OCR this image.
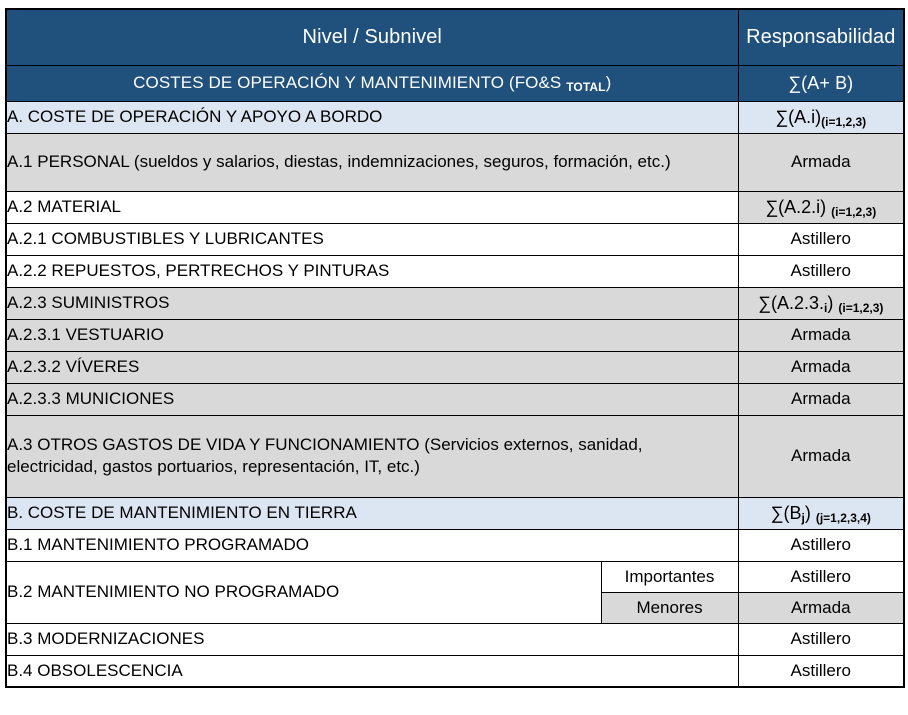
Nivel / Subnivel		Responsabilidad
COSTES DE OPERACIÓN Y MANTENIMIENTO (FO&S TOTAL)		∑(A+ B)
A. COSTE DE OPERACIÓN Y APOYO A BORDO		∑(A.i)(i=1,2,3)
A.1 PERSONAL (sueldos y salarios, diestas, indemnizaciones, seguros, formación, etc.)		Armada
A.2 MATERIAL		∑(A.2.i) (i=1,2,3)
A.2.1 COMBUSTIBLES Y LUBRICANTES		Astillero
A.2.2 REPUESTOS, PERTRECHOS Y PINTURAS		Astillero
A.2.3 SUMINISTROS		∑(A.2.3.i) (i=1,2,3)
A.2.3.1 VESTUARIO		Armada
A.2.3.2 VÍVERES		Armada
A.2.3.3 MUNICIONES		Armada
A.3 OTROS GASTOS DE VIDA Y FUNCIONAMIENTO (Servicios externos, sanidad, electricidad, gastos portuarios, representación, IT, etc.)		Armada
B. COSTE DE MANTENIMIENTO EN TIERRA		∑(Bj) (j=1,2,3,4)
B.1 MANTENIMIENTO PROGRAMADO		Astillero
B.2 MANTENIMIENTO NO PROGRAMADO	Importantes	Astillero
	Menores	Armada
B.3 MODERNIZACIONES		Astillero
B.4 OBSOLESCENCIA		Astillero
